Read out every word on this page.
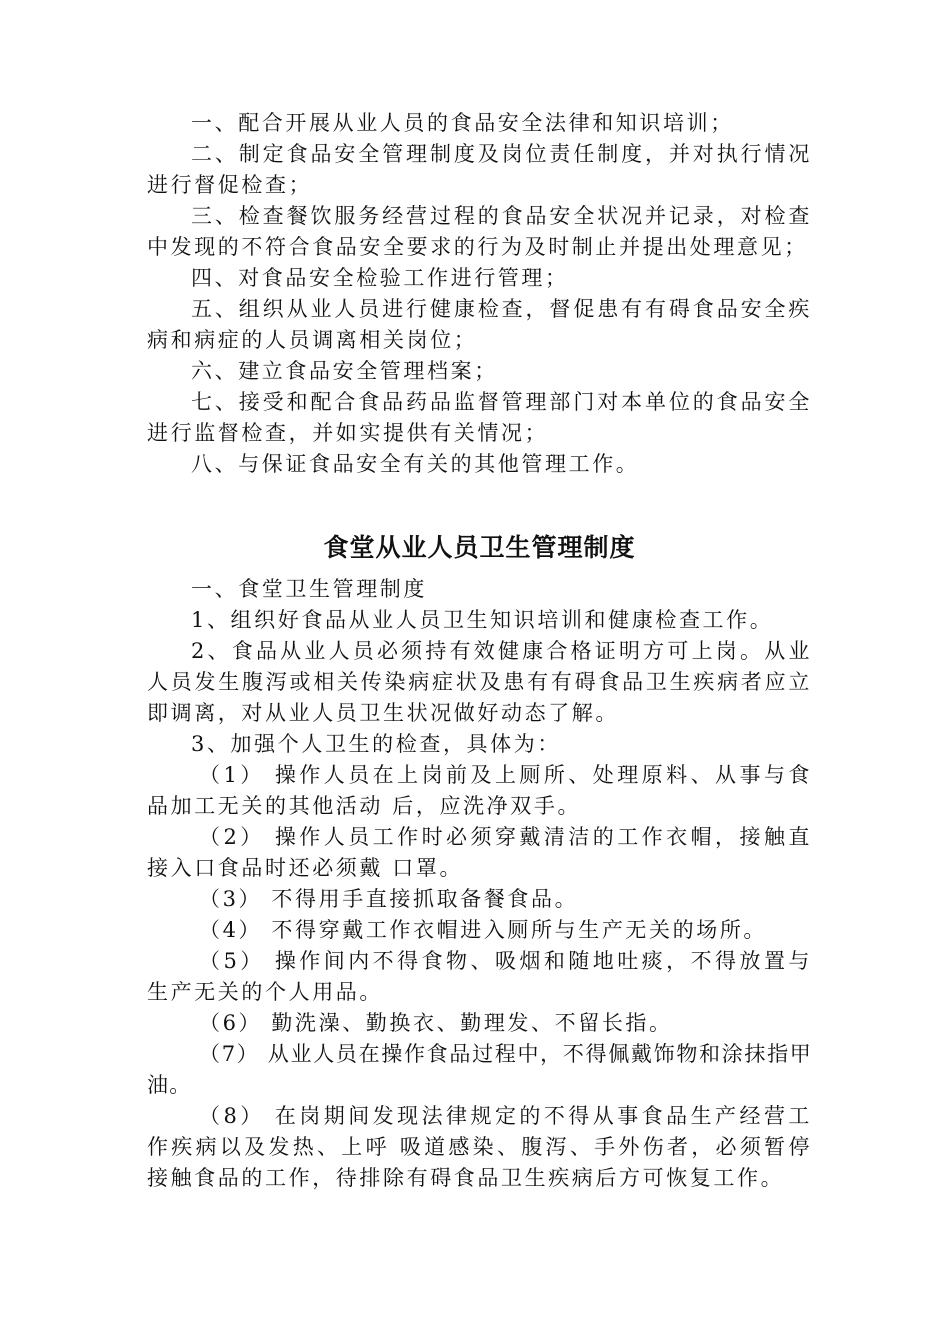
一、配合开展从业人员的食品安全法律和知识培训；

二、制定食品安全管理制度及岗位责任制度，并对执行情况进行督促检查；

三、检查餐饮服务经营过程的食品安全状况并记录，对检查中发现的不符合食品安全要求的行为及时制止并提出处理意见；

四、对食品安全检验工作进行管理；

五、组织从业人员进行健康检查，督促患有有碍食品安全疾病和病症的人员调离相关岗位；

六、建立食品安全管理档案；

七、接受和配合食品药品监督管理部门对本单位的食品安全进行监督检查，并如实提供有关情况；

八、与保证食品安全有关的其他管理工作。

食堂从业人员卫生管理制度

一、食堂卫生管理制度

1、组织好食品从业人员卫生知识培训和健康检查工作。

2、食品从业人员必须持有效健康合格证明方可上岗。从业人员发生腹泻或相关传染病症状及患有有碍食品卫生疾病者应立即调离，对从业人员卫生状况做好动态了解。

3、加强个人卫生的检查，具体为：

（1） 操作人员在上岗前及上厕所、处理原料、从事与食品加工无关的其他活动 后，应洗净双手。

（2） 操作人员工作时必须穿戴清洁的工作衣帽，接触直接入口食品时还必须戴 口罩。

（3） 不得用手直接抓取备餐食品。

（4） 不得穿戴工作衣帽进入厕所与生产无关的场所。

（5） 操作间内不得食物、吸烟和随地吐痰，不得放置与生产无关的个人用品。

（6） 勤洗澡、勤换衣、勤理发、不留长指。

（7） 从业人员在操作食品过程中，不得佩戴饰物和涂抹指甲油。

（8） 在岗期间发现法律规定的不得从事食品生产经营工作疾病以及发热、上呼 吸道感染、腹泻、手外伤者，必须暂停接触食品的工作，待排除有碍食品卫生疾病后方可恢复工作。
